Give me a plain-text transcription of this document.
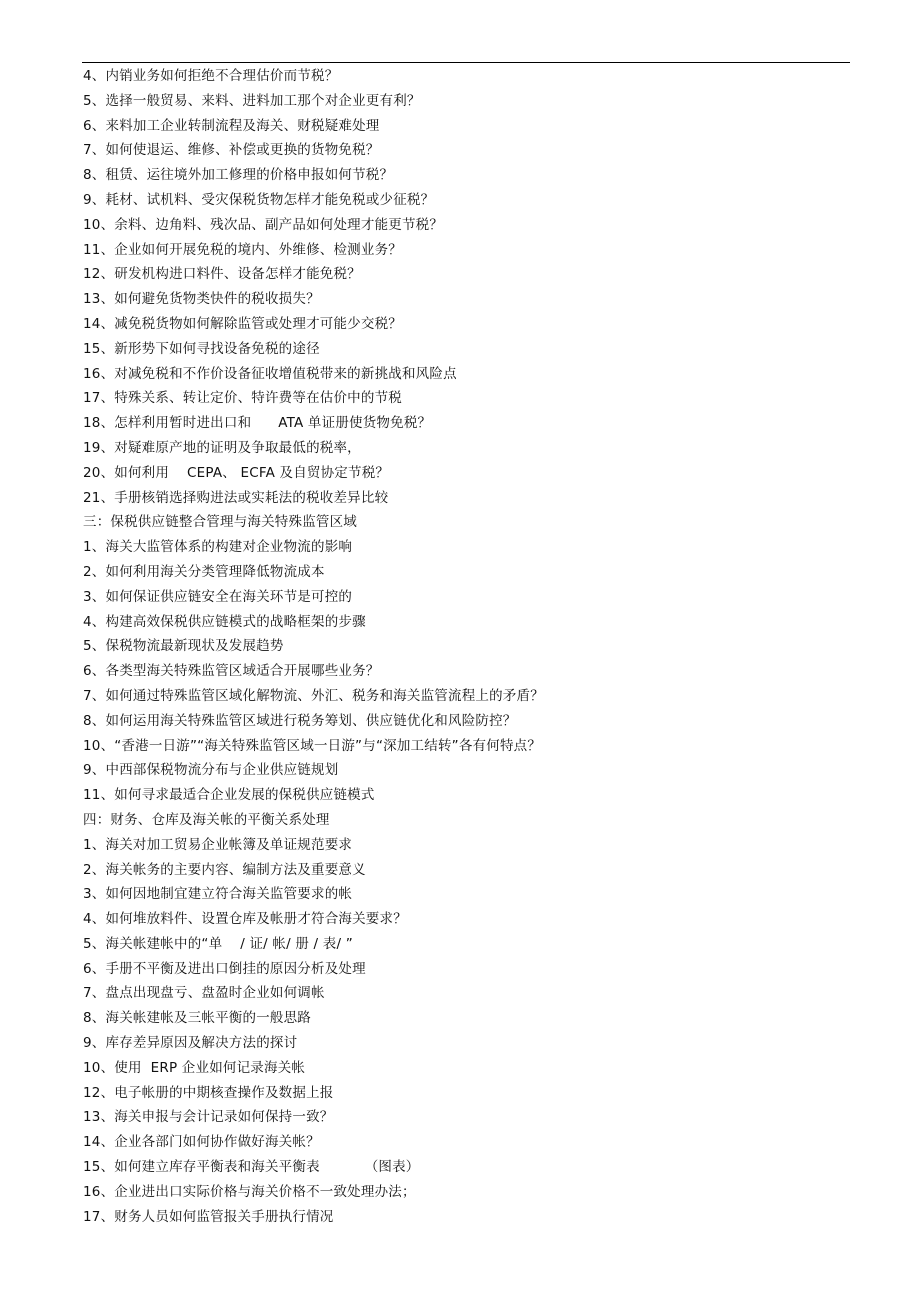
4、内销业务如何拒绝不合理估价而节税？
5、选择一般贸易、来料、进料加工那个对企业更有利？
6、来料加工企业转制流程及海关、财税疑难处理
7、如何使退运、维修、补偿或更换的货物免税？
8、租赁、运往境外加工修理的价格申报如何节税？
9、耗材、试机料、受灾保税货物怎样才能免税或少征税？
10、余料、边角料、残次品、副产品如何处理才能更节税？
11、企业如何开展免税的境内、外维修、检测业务？
12、研发机构进口料件、设备怎样才能免税？
13、如何避免货物类快件的税收损失？
14、减免税货物如何解除监管或处理才可能少交税？
15、新形势下如何寻找设备免税的途径
16、对减免税和不作价设备征收增值税带来的新挑战和风险点
17、特殊关系、转让定价、特许费等在估价中的节税
18、怎样利用暂时进出口和      ATA 单证册使货物免税？
19、对疑难原产地的证明及争取最低的税率，
20、如何利用    CEPA、 ECFA 及自贸协定节税？
21、手册核销选择购进法或实耗法的税收差异比较
三：保税供应链整合管理与海关特殊监管区域
1、海关大监管体系的构建对企业物流的影响
2、如何利用海关分类管理降低物流成本
3、如何保证供应链安全在海关环节是可控的
4、构建高效保税供应链模式的战略框架的步骤
5、保税物流最新现状及发展趋势
6、各类型海关特殊监管区域适合开展哪些业务？
7、如何通过特殊监管区域化解物流、外汇、税务和海关监管流程上的矛盾？
8、如何运用海关特殊监管区域进行税务筹划、供应链优化和风险防控？
10、“香港一日游”“海关特殊监管区域一日游”与“深加工结转”各有何特点？
9、中西部保税物流分布与企业供应链规划
11、如何寻求最适合企业发展的保税供应链模式
四：财务、仓库及海关帐的平衡关系处理
1、海关对加工贸易企业帐簿及单证规范要求
2、海关帐务的主要内容、编制方法及重要意义
3、如何因地制宜建立符合海关监管要求的帐
4、如何堆放料件、设置仓库及帐册才符合海关要求？
5、海关帐建帐中的“单    / 证/ 帐/ 册 / 表/ ”
6、手册不平衡及进出口倒挂的原因分析及处理
7、盘点出现盘亏、盘盈时企业如何调帐
8、海关帐建帐及三帐平衡的一般思路
9、库存差异原因及解决方法的探讨
10、使用  ERP 企业如何记录海关帐
12、电子帐册的中期核查操作及数据上报
13、海关申报与会计记录如何保持一致？
14、企业各部门如何协作做好海关帐？
15、如何建立库存平衡表和海关平衡表          （图表）
16、企业进出口实际价格与海关价格不一致处理办法；
17、财务人员如何监管报关手册执行情况
